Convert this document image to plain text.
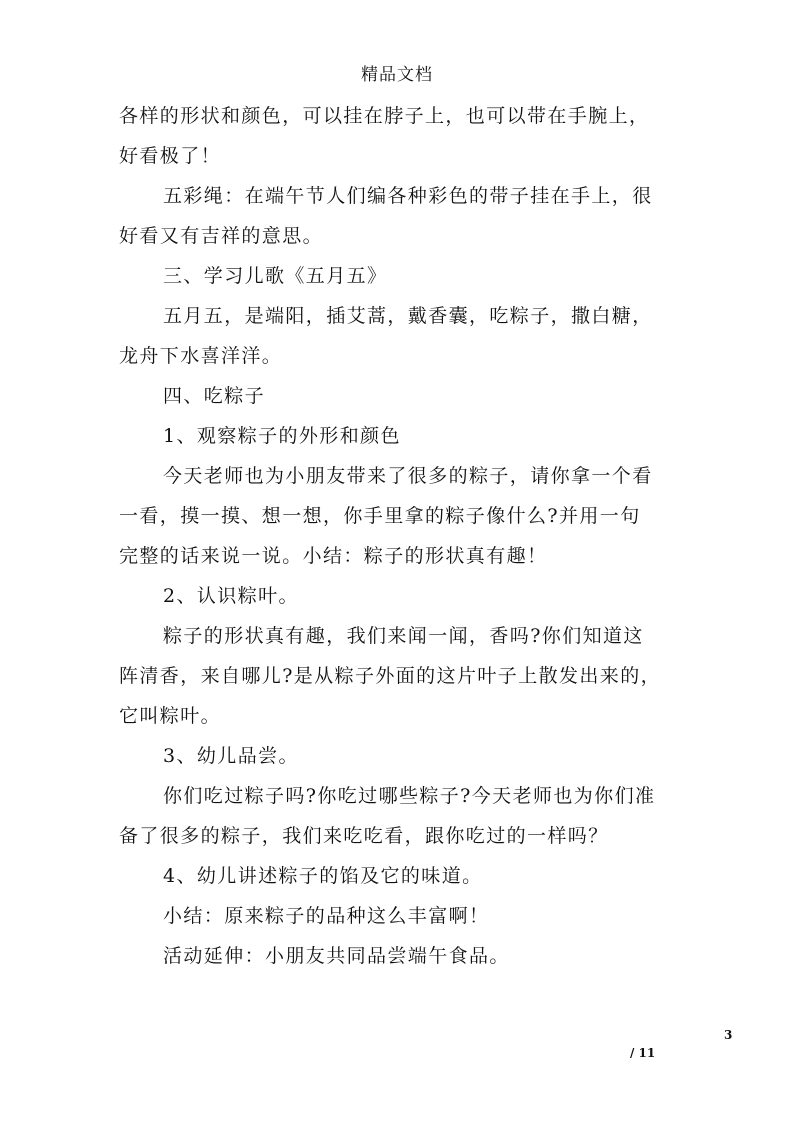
精品文档

各样的形状和颜色，可以挂在脖子上，也可以带在手腕上，

好看极了！

五彩绳：在端午节人们编各种彩色的带子挂在手上，很

好看又有吉祥的意思。

三、学习儿歌《五月五》

五月五，是端阳，插艾蒿，戴香囊，吃粽子，撒白糖，

龙舟下水喜洋洋。

四、吃粽子

1、观察粽子的外形和颜色

今天老师也为小朋友带来了很多的粽子，请你拿一个看

一看，摸一摸、想一想，你手里拿的粽子像什么?并用一句

完整的话来说一说。小结：粽子的形状真有趣！

2、认识粽叶。

粽子的形状真有趣，我们来闻一闻，香吗?你们知道这

阵清香，来自哪儿?是从粽子外面的这片叶子上散发出来的，

它叫粽叶。

3、幼儿品尝。

你们吃过粽子吗?你吃过哪些粽子?今天老师也为你们准

备了很多的粽子，我们来吃吃看，跟你吃过的一样吗？

4、幼儿讲述粽子的馅及它的味道。

小结：原来粽子的品种这么丰富啊！

活动延伸：小朋友共同品尝端午食品。

3
/ 11
